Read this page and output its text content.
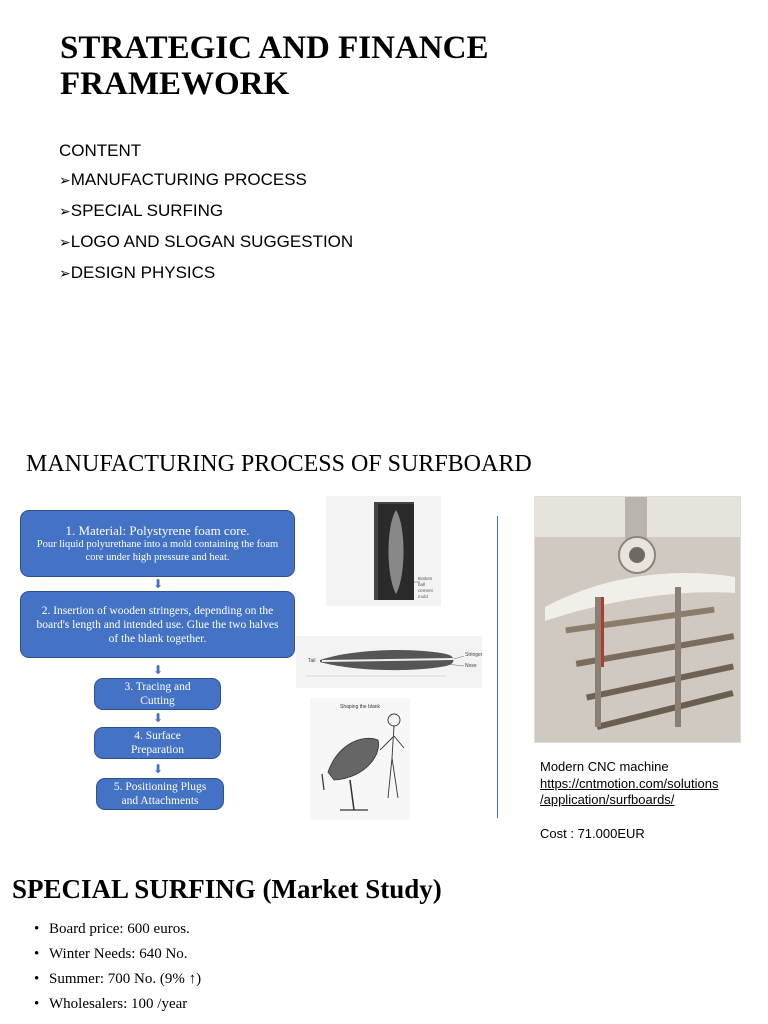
STRATEGIC AND FINANCE FRAMEWORK
CONTENT
➢ MANUFACTURING PROCESS
➢ SPECIAL SURFING
➢ LOGO AND SLOGAN SUGGESTION
➢ DESIGN PHYSICS
MANUFACTURING PROCESS OF SURFBOARD
1. Material: Polystyrene foam core.
Pour liquid polyurethane into a mold containing the foam core under high pressure and heat.
⬇
2. Insertion of wooden stringers, depending on the board's length and intended use. Glue the two halves of the blank together.
⬇
3. Tracing and Cutting
⬇
4. Surface Preparation
⬇
5. Positioning Plugs and Attachments
Bottom ball cement mold
Stringer
Nose
Tail
Shaping the blank
Modern CNC machine
https://cntmotion.com/solutions
/application/surfboards/
Cost : 71.000EUR
SPECIAL SURFING (Market Study)
• Board price: 600 euros.
• Winter Needs: 640 No.
• Summer: 700 No. (9% ↑)
• Wholesalers: 100 /year
